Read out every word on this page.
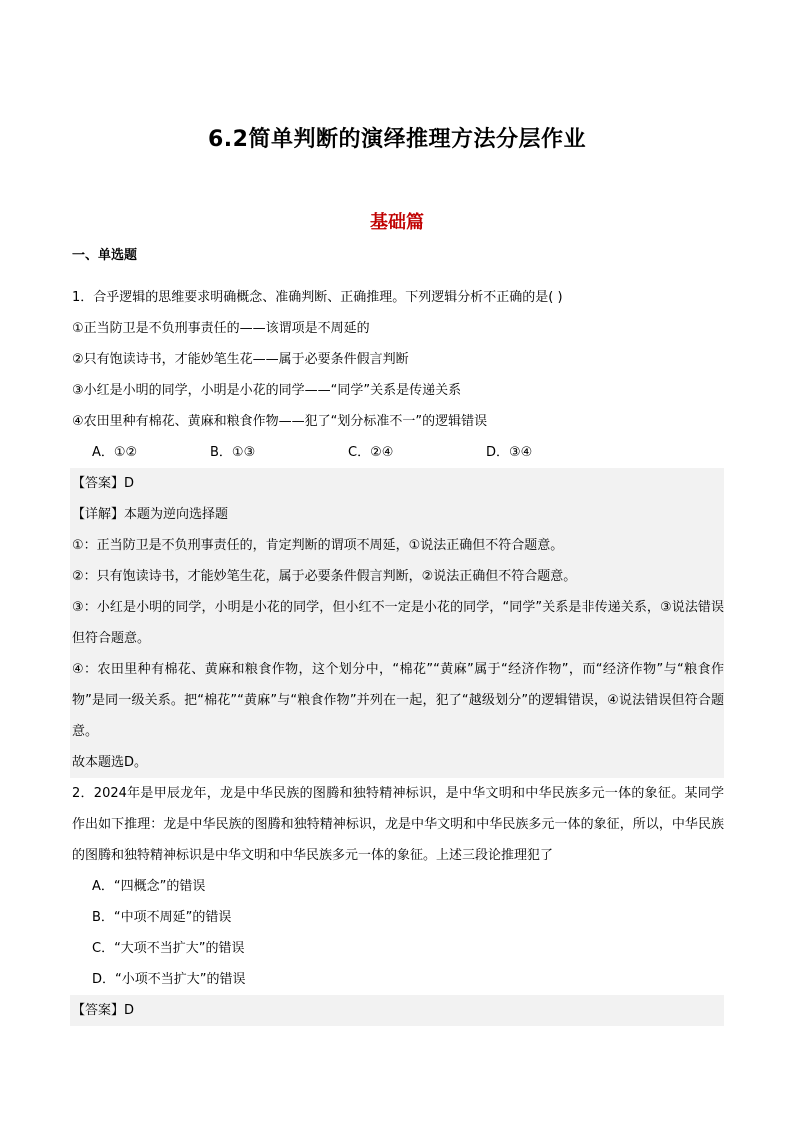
6.2简单判断的演绎推理方法分层作业
基础篇
一、单选题
1．合乎逻辑的思维要求明确概念、准确判断、正确推理。下列逻辑分析不正确的是( )
①正当防卫是不负刑事责任的——该谓项是不周延的
②只有饱读诗书，才能妙笔生花——属于必要条件假言判断
③小红是小明的同学，小明是小花的同学——“同学”关系是传递关系
④农田里种有棉花、黄麻和粮食作物——犯了“划分标准不一”的逻辑错误
A．①②	B．①③	C．②④	D．③④
【答案】D
【详解】本题为逆向选择题
①：正当防卫是不负刑事责任的，肯定判断的谓项不周延，①说法正确但不符合题意。
②：只有饱读诗书，才能妙笔生花，属于必要条件假言判断，②说法正确但不符合题意。
③：小红是小明的同学，小明是小花的同学，但小红不一定是小花的同学，“同学”关系是非传递关系，③说法错误但符合题意。
④：农田里种有棉花、黄麻和粮食作物，这个划分中，“棉花”“黄麻”属于“经济作物”，而“经济作物”与“粮食作物”是同一级关系。把“棉花”“黄麻”与“粮食作物”并列在一起，犯了“越级划分”的逻辑错误，④说法错误但符合题意。
故本题选D。
2．2024年是甲辰龙年，龙是中华民族的图腾和独特精神标识，是中华文明和中华民族多元一体的象征。某同学作出如下推理：龙是中华民族的图腾和独特精神标识，龙是中华文明和中华民族多元一体的象征，所以，中华民族的图腾和独特精神标识是中华文明和中华民族多元一体的象征。上述三段论推理犯了
A．“四概念”的错误
B．“中项不周延”的错误
C．“大项不当扩大”的错误
D．“小项不当扩大”的错误
【答案】D
